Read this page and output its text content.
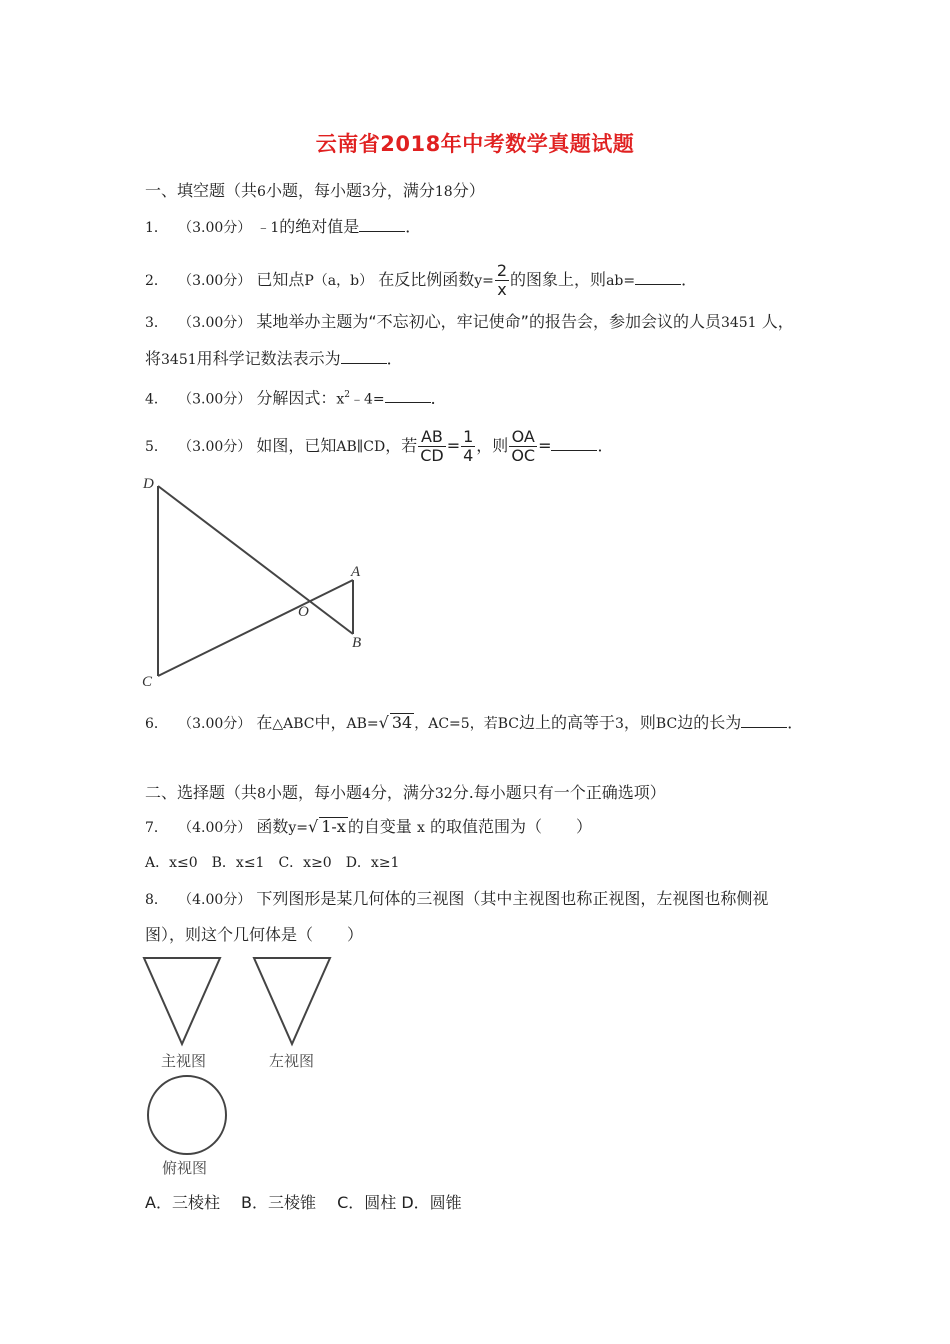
云南省2018年中考数学真题试题
一、填空题（共6小题，每小题3分，满分18分）
1． （3.00分） ﹣1的绝对值是	．
2． （3.00分） 已知点P（a，b） 在反比例函数$y= \frac{2}{x}$ 的图象上，则ab=	．
3． （3.00分） 某地举办主题为“不忘初心，牢记使命”的报告会，参加会议的人员3451 人，
将3451用科学记数法表示为	．
4． （3.00分） 分解因式：$x^2﹣4=$	．
5． （3.00分） 如图，已知AB∥CD，若 $\frac{AB}{CD} = \frac{1}{4}$ ，则 $\frac{OA}{OC}$ =	．
D
A
O
B
C
6． （3.00分） 在△ABC中，AB=√ 34 ，AC=5，若BC边上的高等于3，则BC边的长为	．
二、选择题（共8小题，每小题4分，满分32分.每小题只有一个正确选项）
7． （4.00分） 函数y=√ 1-x 的自变量 x 的取值范围为（ ）
A．x≤0　B．x≤1　C．x≥0　D．x≥1
8． （4.00分） 下列图形是某几何体的三视图（其中主视图也称正视图，左视图也称侧视
图），则这个几何体是（ ）
主视图	左视图
俯视图
A．三棱柱　 B．三棱锥　 C．圆柱 D．圆锥
